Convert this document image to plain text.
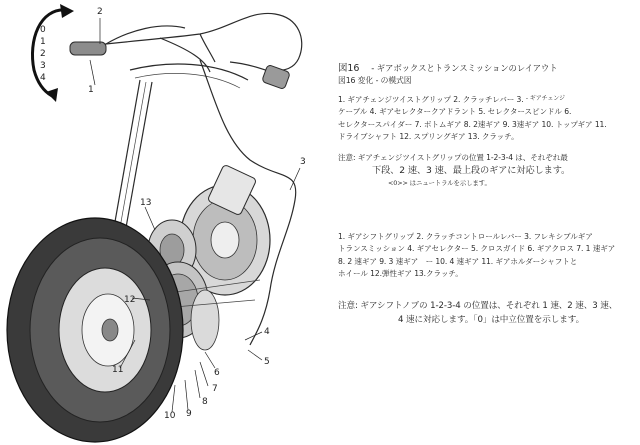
0
1
2
3
4
1
2
3
4
5
6
7
8
9
10
11
12
13
図16 - ギアボックスとトランスミッションのレイアウト
図16 変化 - の模式図
1. ギアチェンジツイストグリップ 2. クラッチレバー 3. $^{- ギアチェンジ}$
ケーブル 4. ギアセレクタークアドラント 5. セレクタースピンドル 6.
セレクタースパイダー 7. ボトムギア 8. 2速ギア 9. 3速ギア 10. トップギア 11.
ドライブシャフト 12. スプリングギア 13. クラッチ。
注意: ギアチェンジツイストグリップの位置 1-2-3-4 は、それぞれ最
下段、2 速、3 速、最上段のギアに対応します。
<0>> はニュートラルを示します。
1. ギアシフトグリップ 2. クラッチコントロールレバー 3. フレキシブルギア
トランスミッション 4. ギアセレクター 5. クロスガイド 6. ギアクロス 7. 1 速ギア
8. 2 速ギア 9. 3 速ギア　ー 10. 4 速ギア 11. ギアホルダーシャフトと
ホイール 12.弾性ギア 13.クラッチ。
注意: ギアシフトノブの 1-2-3-4 の位置は、それぞれ 1 速、2 速、3 速、
4 速に対応します。「0」は中立位置を示します。
